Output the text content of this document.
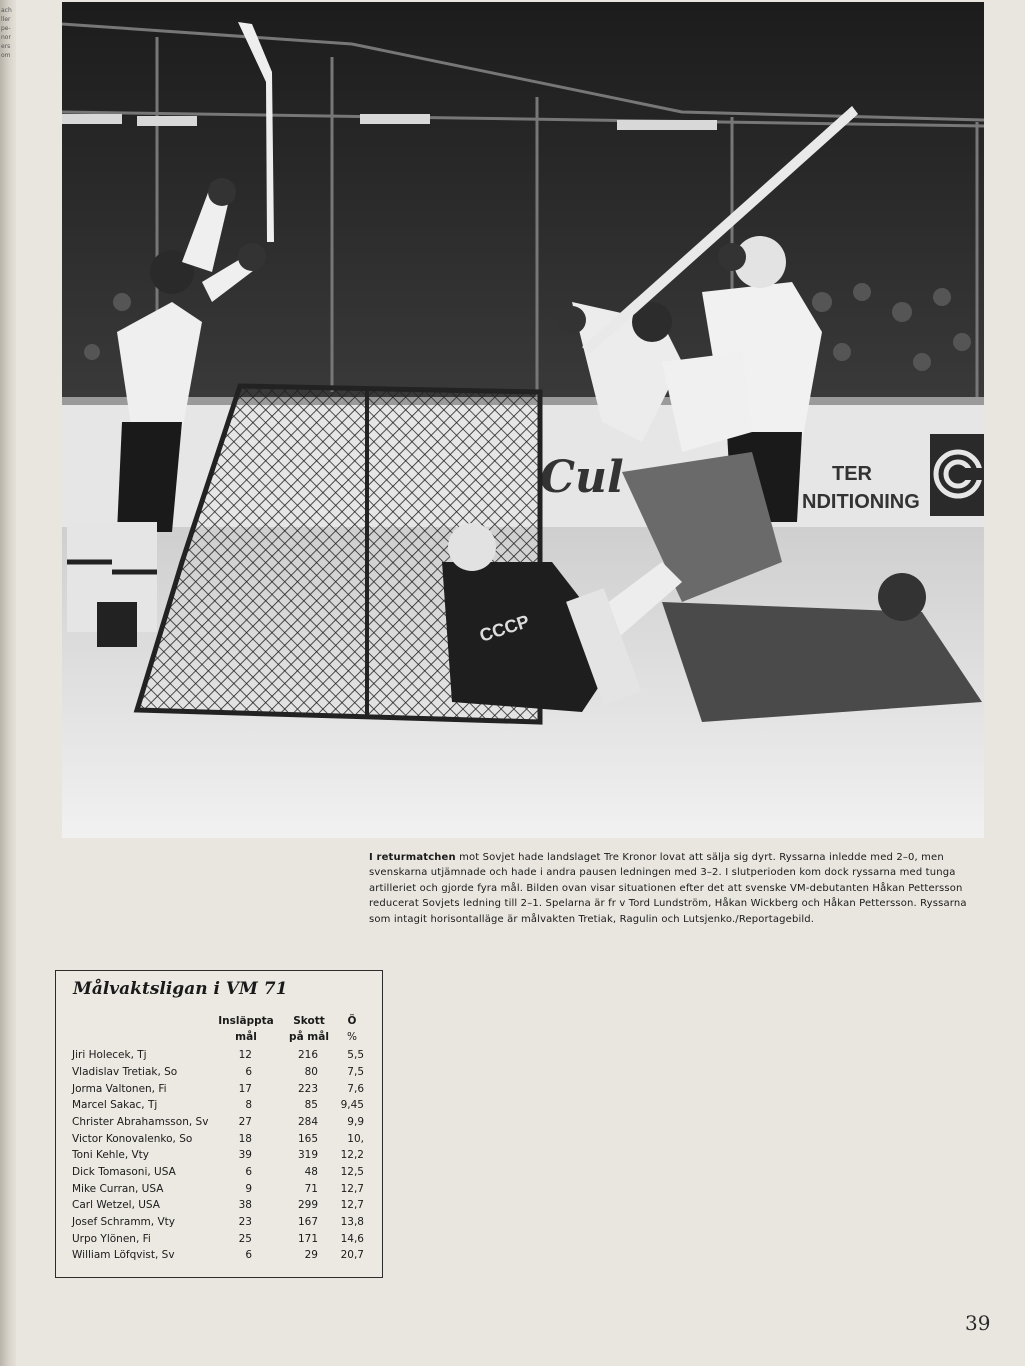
ach
ller
pe-
nor
ers
om
TER
NDITIONING
Cul
CCCP
I returmatchen mot Sovjet hade landslaget Tre Kronor lovat att sälja sig dyrt. Ryssarna inledde med 2–0, men svenskarna utjämnade och hade i andra pausen ledningen med 3–2. I slutperioden kom dock ryssarna med tunga artilleriet och gjorde fyra mål. Bilden ovan visar situationen efter det att svenske VM-debutanten Håkan Pettersson reducerat Sovjets ledning till 2–1. Spelarna är fr v Tord Lundström, Håkan Wickberg och Håkan Pettersson. Ryssarna som intagit horisontalläge är målvakten Tretiak, Ragulin och Lutsjenko./Reportagebild.
Målvaktsligan i VM 71
Insläppta
mål
Skott
på mål
Ö
%
Jiri Holecek, Tj	12	216	5,5
Vladislav Tretiak, So	6	80	7,5
Jorma Valtonen, Fi	17	223	7,6
Marcel Sakac, Tj	8	85	9,45
Christer Abrahamsson, Sv	27	284	9,9
Victor Konovalenko, So	18	165	10,
Toni Kehle, Vty	39	319	12,2
Dick Tomasoni, USA	6	48	12,5
Mike Curran, USA	9	71	12,7
Carl Wetzel, USA	38	299	12,7
Josef Schramm, Vty	23	167	13,8
Urpo Ylönen, Fi	25	171	14,6
William Löfqvist, Sv	6	29	20,7
39
